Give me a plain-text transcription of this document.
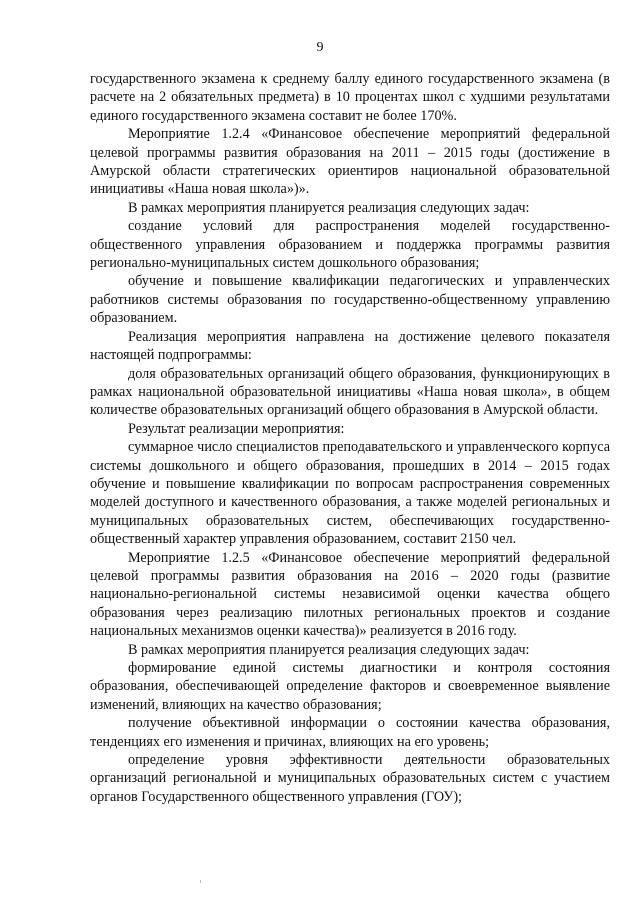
9

государственного экзамена к среднему баллу единого государственного экзамена (в расчете на 2 обязательных предмета) в 10 процентах школ с худшими результатами единого государственного экзамена составит не более 170%.

Мероприятие 1.2.4 «Финансовое обеспечение мероприятий федеральной целевой программы развития образования на 2011 – 2015 годы (достижение в Амурской области стратегических ориентиров национальной образовательной инициативы «Наша новая школа»)».

В рамках мероприятия планируется реализация следующих задач:

создание условий для распространения моделей государственно-общественного управления образованием и поддержка программы развития регионально-муниципальных систем дошкольного образования;

обучение и повышение квалификации педагогических и управленческих работников системы образования по государственно-общественному управлению образованием.

Реализация мероприятия направлена на достижение целевого показателя настоящей подпрограммы:

доля образовательных организаций общего образования, функционирующих в рамках национальной образовательной инициативы «Наша новая школа», в общем количестве образовательных организаций общего образования в Амурской области.

Результат реализации мероприятия:

суммарное число специалистов преподавательского и управленческого корпуса системы дошкольного и общего образования, прошедших в 2014 – 2015 годах обучение и повышение квалификации по вопросам распространения современных моделей доступного и качественного образования, а также моделей региональных и муниципальных образовательных систем, обеспечивающих государственно-общественный характер управления образованием, составит 2150 чел.

Мероприятие 1.2.5 «Финансовое обеспечение мероприятий федеральной целевой программы развития образования на 2016 – 2020 годы (развитие национально-региональной системы независимой оценки качества общего образования через реализацию пилотных региональных проектов и создание национальных механизмов оценки качества)» реализуется в 2016 году.

В рамках мероприятия планируется реализация следующих задач:

формирование единой системы диагностики и контроля состояния образования, обеспечивающей определение факторов и своевременное выявление изменений, влияющих на качество образования;

получение объективной информации о состоянии качества образования, тенденциях его изменения и причинах, влияющих на его уровень;

определение уровня эффективности деятельности образовательных организаций региональной и муниципальных образовательных систем с участием органов Государственного общественного управления (ГОУ);
